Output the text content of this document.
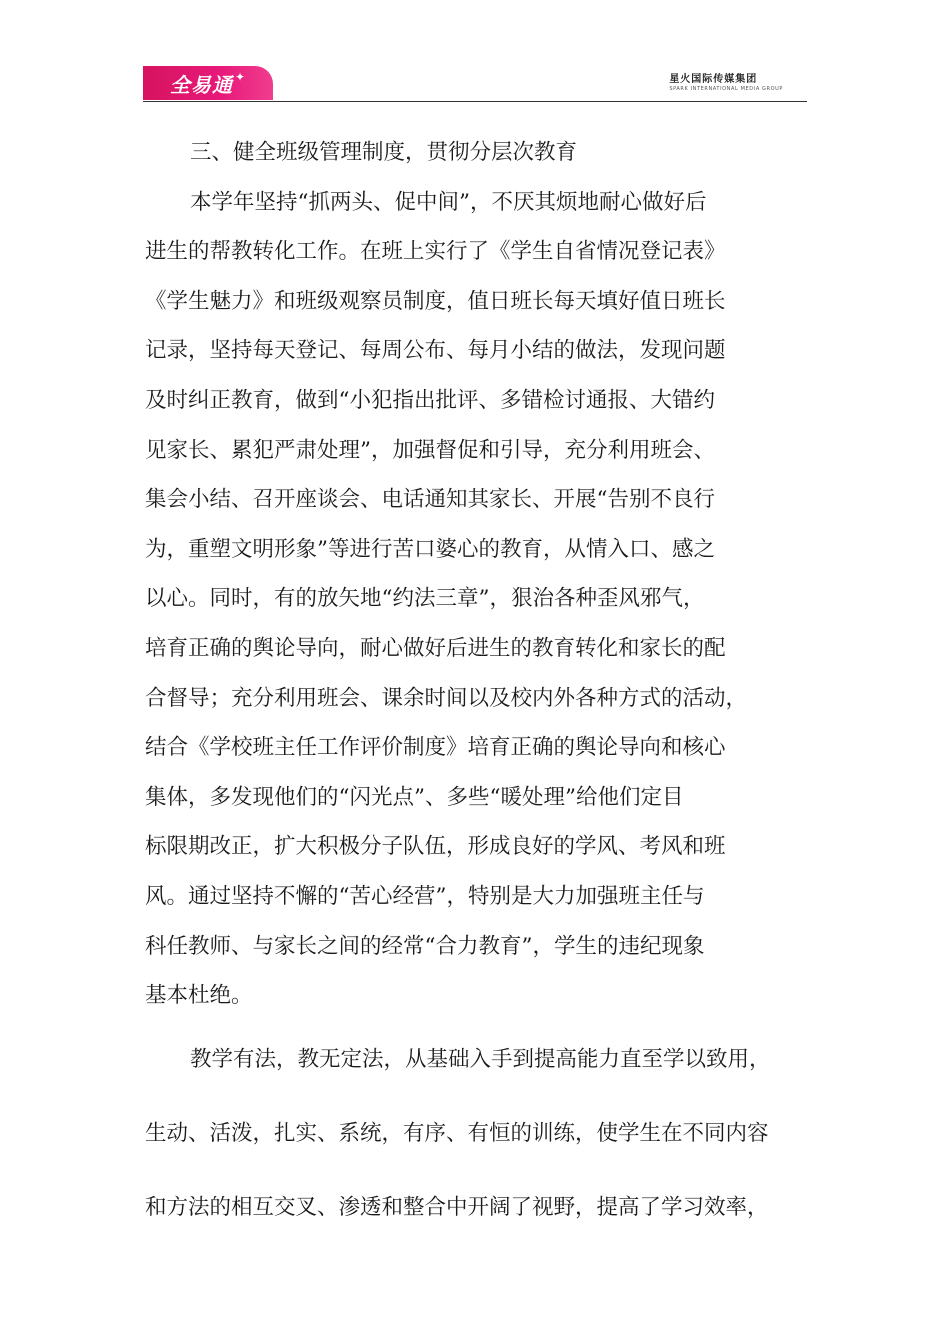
全易通 ✦	星火国际传媒集团
SPARK INTERNATIONAL MEDIA GROUP
三、健全班级管理制度，贯彻分层次教育
本学年坚持“抓两头、促中间”，不厌其烦地耐心做好后
进生的帮教转化工作。在班上实行了《学生自省情况登记表》
《学生魅力》和班级观察员制度，值日班长每天填好值日班长
记录，坚持每天登记、每周公布、每月小结的做法，发现问题
及时纠正教育，做到“小犯指出批评、多错检讨通报、大错约
见家长、累犯严肃处理”，加强督促和引导，充分利用班会、
集会小结、召开座谈会、电话通知其家长、开展“告别不良行
为，重塑文明形象”等进行苦口婆心的教育，从情入口、感之
以心。同时，有的放矢地“约法三章”，狠治各种歪风邪气，
培育正确的舆论导向，耐心做好后进生的教育转化和家长的配
合督导；充分利用班会、课余时间以及校内外各种方式的活动，
结合《学校班主任工作评价制度》培育正确的舆论导向和核心
集体，多发现他们的“闪光点”、多些“暖处理”给他们定目
标限期改正，扩大积极分子队伍，形成良好的学风、考风和班
风。通过坚持不懈的“苦心经营”，特别是大力加强班主任与
科任教师、与家长之间的经常“合力教育”，学生的违纪现象
基本杜绝。
教学有法，教无定法，从基础入手到提高能力直至学以致用，
生动、活泼，扎实、系统，有序、有恒的训练，使学生在不同内容
和方法的相互交叉、渗透和整合中开阔了视野，提高了学习效率，
